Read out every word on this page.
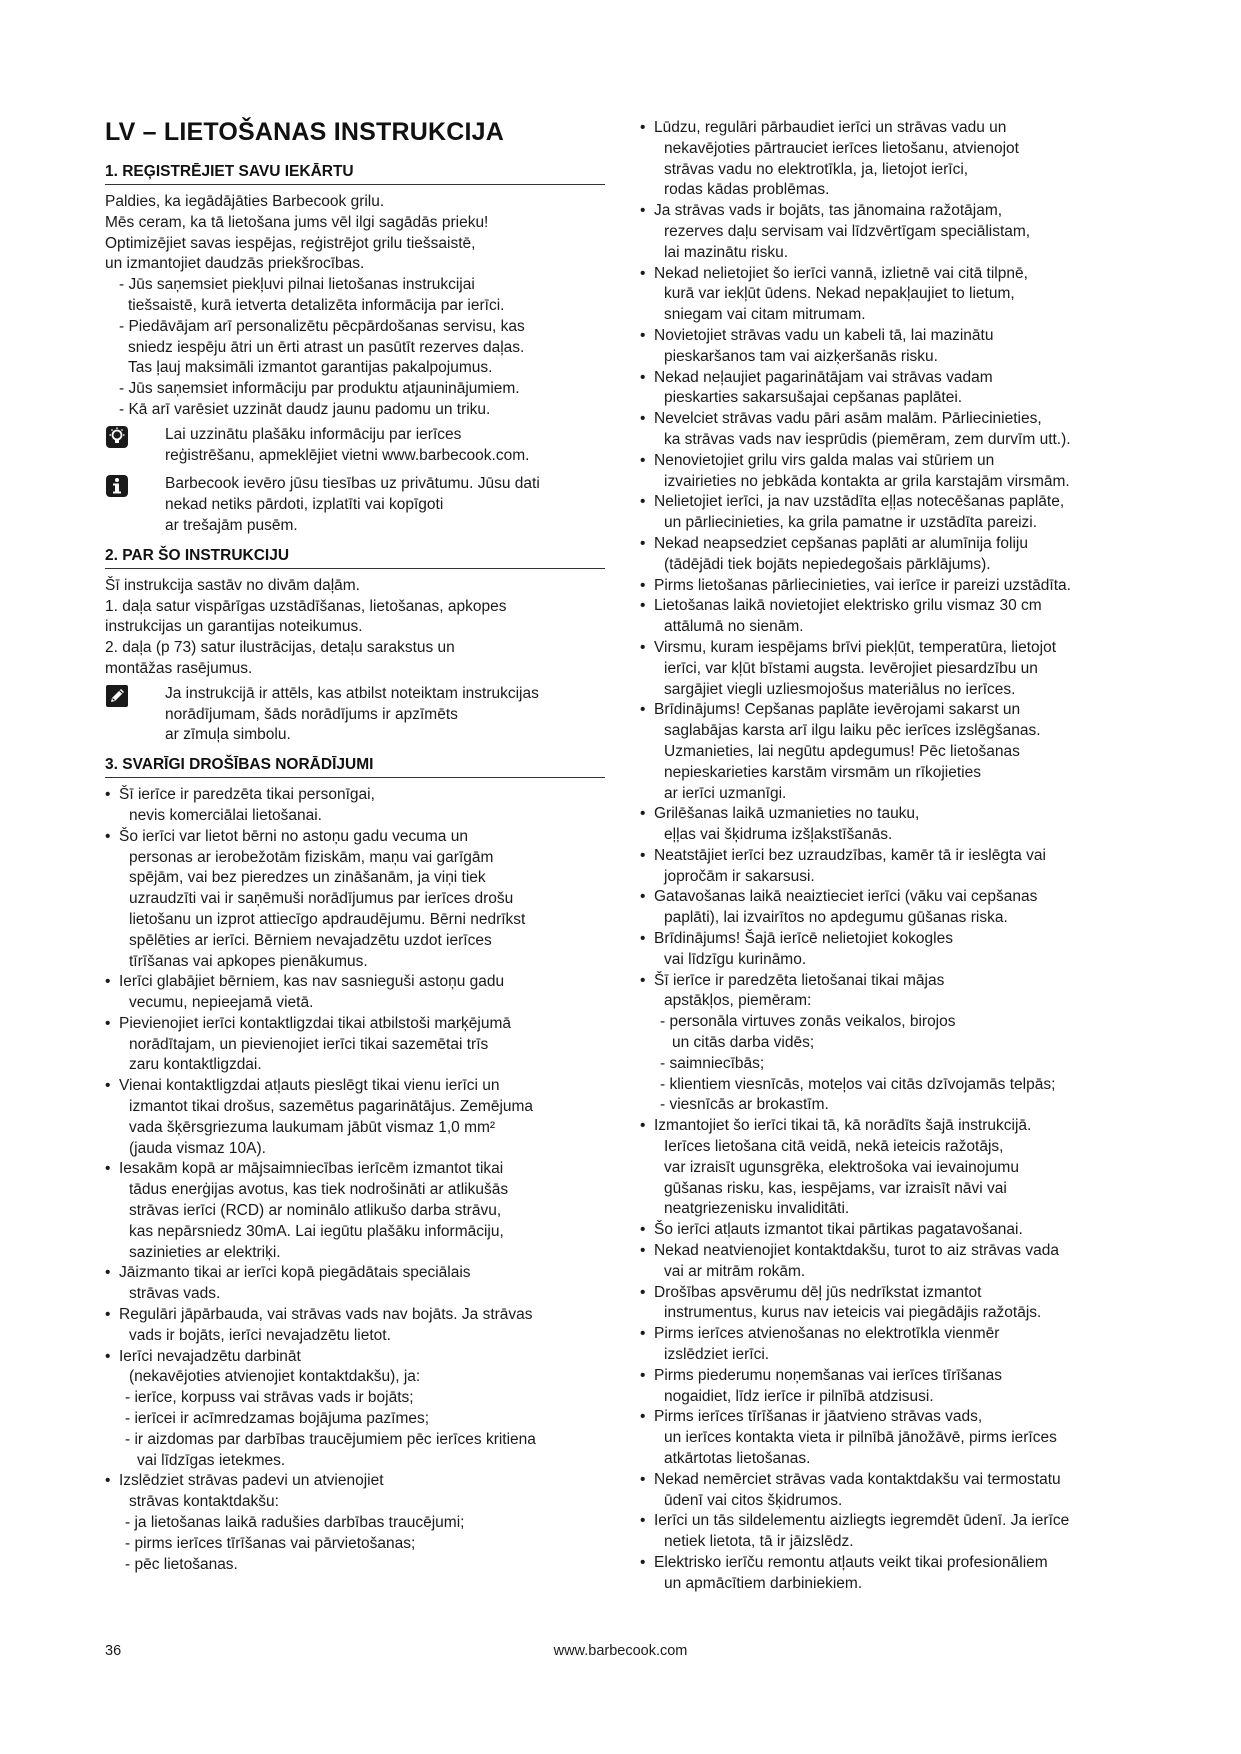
LV – LIETOŠANAS INSTRUKCIJA
1. REĢISTRĒJIET SAVU IEKĀRTU

Paldies, ka iegādājāties Barbecook grilu.
Mēs ceram, ka tā lietošana jums vēl ilgi sagādās prieku!
Optimizējiet savas iespējas, reģistrējot grilu tiešsaistē,
un izmantojiet daudzās priekšrocības.

- Jūs saņemsiet piekļuvi pilnai lietošanas instrukcijai
tiešsaistē, kurā ietverta detalizēta informācija par ierīci.
- Piedāvājam arī personalizētu pēcpārdošanas servisu, kas
sniedz iespēju ātri un ērti atrast un pasūtīt rezerves daļas.
Tas ļauj maksimāli izmantot garantijas pakalpojumus.
- Jūs saņemsiet informāciju par produktu atjauninājumiem.
- Kā arī varēsiet uzzināt daudz jaunu padomu un triku.
Lai uzzinātu plašāku informāciju par ierīces
reģistrēšanu, apmeklējiet vietni www.barbecook.com.
Barbecook ievēro jūsu tiesības uz privātumu. Jūsu dati
nekad netiks pārdoti, izplatīti vai kopīgoti
ar trešajām pusēm.
2. PAR ŠO INSTRUKCIJU

Šī instrukcija sastāv no divām daļām.
1. daļa satur vispārīgas uzstādīšanas, lietošanas, apkopes
instrukcijas un garantijas noteikumus.
2. daļa (p 73) satur ilustrācijas, detaļu sarakstus un
montāžas rasējumus.

Ja instrukcijā ir attēls, kas atbilst noteiktam instrukcijas
norādījumam, šāds norādījums ir apzīmēts
ar zīmuļa simbolu.
3. SVARĪGI DROŠĪBAS NORĀDĪJUMI
• Šī ierīce ir paredzēta tikai personīgai,
nevis komerciālai lietošanai.
• Šo ierīci var lietot bērni no astoņu gadu vecuma un
personas ar ierobežotām fiziskām, maņu vai garīgām
spējām, vai bez pieredzes un zināšanām, ja viņi tiek
uzraudzīti vai ir saņēmuši norādījumus par ierīces drošu
lietošanu un izprot attiecīgo apdraudējumu. Bērni nedrīkst
spēlēties ar ierīci. Bērniem nevajadzētu uzdot ierīces
tīrīšanas vai apkopes pienākumus.
• Ierīci glabājiet bērniem, kas nav sasnieguši astoņu gadu
vecumu, nepieejamā vietā.
• Pievienojiet ierīci kontaktligzdai tikai atbilstoši marķējumā
norādītajam, un pievienojiet ierīci tikai sazemētai trīs
zaru kontaktligzdai.
• Vienai kontaktligzdai atļauts pieslēgt tikai vienu ierīci un
izmantot tikai drošus, sazemētus pagarinātājus. Zemējuma
vada šķērsgriezuma laukumam jābūt vismaz 1,0 mm²
(jauda vismaz 10A).
• Iesakām kopā ar mājsaimniecības ierīcēm izmantot tikai
tādus enerģijas avotus, kas tiek nodrošināti ar atlikušās
strāvas ierīci (RCD) ar nominālo atlikušo darba strāvu,
kas nepārsniedz 30mA. Lai iegūtu plašāku informāciju,
sazinieties ar elektriķi.
• Jāizmanto tikai ar ierīci kopā piegādātais speciālais
strāvas vads.
• Regulāri jāpārbauda, vai strāvas vads nav bojāts. Ja strāvas
vads ir bojāts, ierīci nevajadzētu lietot.
• Ierīci nevajadzētu darbināt
(nekavējoties atvienojiet kontaktdakšu), ja:
- ierīce, korpuss vai strāvas vads ir bojāts;
- ierīcei ir acīmredzamas bojājuma pazīmes;
- ir aizdomas par darbības traucējumiem pēc ierīces kritiena
vai līdzīgas ietekmes.
• Izslēdziet strāvas padevi un atvienojiet
strāvas kontaktdakšu:
- ja lietošanas laikā radušies darbības traucējumi;
- pirms ierīces tīrīšanas vai pārvietošanas;
- pēc lietošanas.
• Lūdzu, regulāri pārbaudiet ierīci un strāvas vadu un
nekavējoties pārtrauciet ierīces lietošanu, atvienojot
strāvas vadu no elektrotīkla, ja, lietojot ierīci,
rodas kādas problēmas.
• Ja strāvas vads ir bojāts, tas jānomaina ražotājam,
rezerves daļu servisam vai līdzvērtīgam speciālistam,
lai mazinātu risku.
• Nekad nelietojiet šo ierīci vannā, izlietnē vai citā tilpnē,
kurā var iekļūt ūdens. Nekad nepakļaujiet to lietum,
sniegam vai citam mitrumam.
• Novietojiet strāvas vadu un kabeli tā, lai mazinātu
pieskaršanos tam vai aizķeršanās risku.
• Nekad neļaujiet pagarinātājam vai strāvas vadam
pieskarties sakarsušajai cepšanas paplātei.
• Nevelciet strāvas vadu pāri asām malām. Pārliecinieties,
ka strāvas vads nav iesprūdis (piemēram, zem durvīm utt.).
• Nenovietojiet grilu virs galda malas vai stūriem un
izvairieties no jebkāda kontakta ar grila karstajām virsmām.
• Nelietojiet ierīci, ja nav uzstādīta eļļas notecēšanas paplāte,
un pārliecinieties, ka grila pamatne ir uzstādīta pareizi.
• Nekad neapsedziet cepšanas paplāti ar alumīnija foliju
(tādējādi tiek bojāts nepiedegošais pārklājums).
• Pirms lietošanas pārliecinieties, vai ierīce ir pareizi uzstādīta.
• Lietošanas laikā novietojiet elektrisko grilu vismaz 30 cm
attālumā no sienām.
• Virsmu, kuram iespējams brīvi piekļūt, temperatūra, lietojot
ierīci, var kļūt bīstami augsta. Ievērojiet piesardzību un
sargājiet viegli uzliesmojošus materiālus no ierīces.
• Brīdinājums! Cepšanas paplāte ievērojami sakarst un
saglabājas karsta arī ilgu laiku pēc ierīces izslēgšanas.
Uzmanieties, lai negūtu apdegumus! Pēc lietošanas
nepieskarieties karstām virsmām un rīkojieties
ar ierīci uzmanīgi.
• Grilēšanas laikā uzmanieties no tauku,
eļļas vai šķidruma izšļakstīšanās.
• Neatstājiet ierīci bez uzraudzības, kamēr tā ir ieslēgta vai
jopročām ir sakarsusi.
• Gatavošanas laikā neaiztieciet ierīci (vāku vai cepšanas
paplāti), lai izvairītos no apdegumu gūšanas riska.
• Brīdinājums! Šajā ierīcē nelietojiet kokogles
vai līdzīgu kurināmo.
• Šī ierīce ir paredzēta lietošanai tikai mājas
apstākļos, piemēram:
- personāla virtuves zonās veikalos, birojos
un citās darba vidēs;
- saimniecībās;
- klientiem viesnīcās, moteļos vai citās dzīvojamās telpās;
- viesnīcās ar brokastīm.
• Izmantojiet šo ierīci tikai tā, kā norādīts šajā instrukcijā.
Ierīces lietošana citā veidā, nekā ieteicis ražotājs,
var izraisīt ugunsgrēka, elektrošoka vai ievainojumu
gūšanas risku, kas, iespējams, var izraisīt nāvi vai
neatgriezenisku invaliditāti.
• Šo ierīci atļauts izmantot tikai pārtikas pagatavošanai.
• Nekad neatvienojiet kontaktdakšu, turot to aiz strāvas vada
vai ar mitrām rokām.
• Drošības apsvērumu dēļ jūs nedrīkstat izmantot
instrumentus, kurus nav ieteicis vai piegādājis ražotājs.
• Pirms ierīces atvienošanas no elektrotīkla vienmēr
izslēdziet ierīci.
• Pirms piederumu noņemšanas vai ierīces tīrīšanas
nogaidiet, līdz ierīce ir pilnībā atdzisusi.
• Pirms ierīces tīrīšanas ir jāatvieno strāvas vads,
un ierīces kontakta vieta ir pilnībā jānožāvē, pirms ierīces
atkārtotas lietošanas.
• Nekad nemērciet strāvas vada kontaktdakšu vai termostatu
ūdenī vai citos šķidrumos.
• Ierīci un tās sildelementu aizliegts iegremdēt ūdenī. Ja ierīce
netiek lietota, tā ir jāizslēdz.
• Elektrisko ierīču remontu atļauts veikt tikai profesionāliem
un apmācītiem darbiniekiem.
36	www.barbecook.com
